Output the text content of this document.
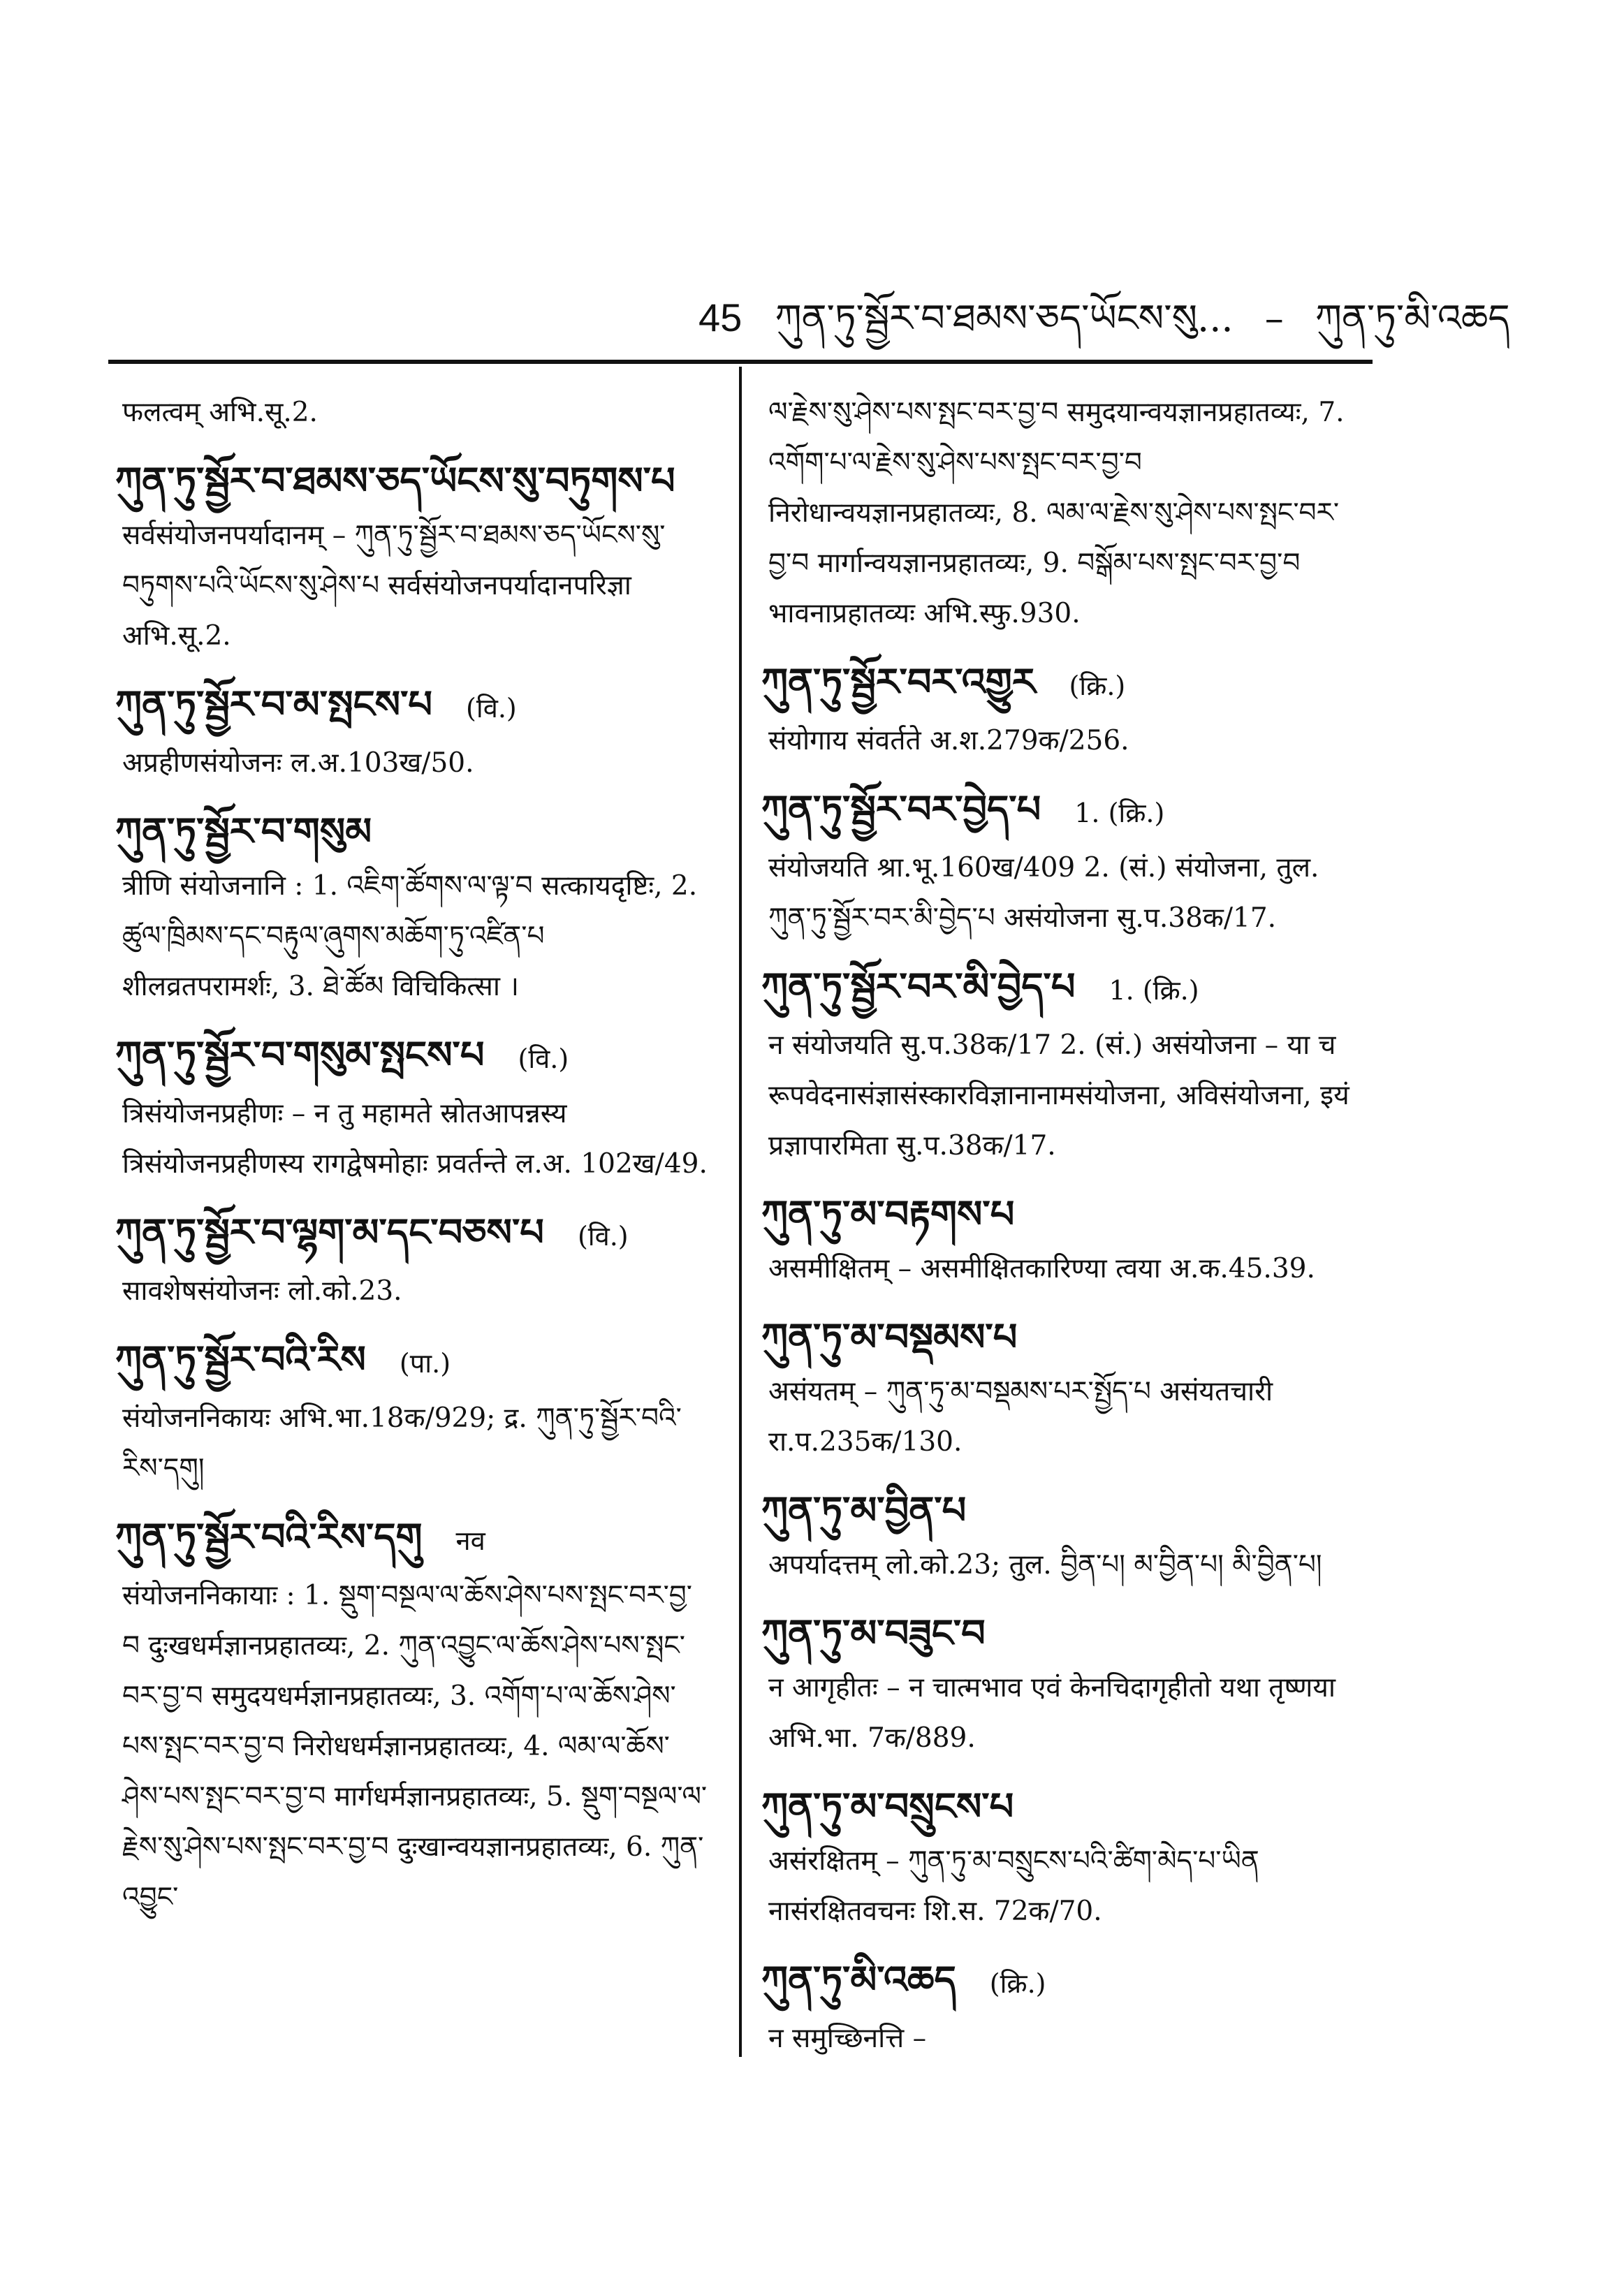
45 ཀུན་ཏུ་སྦྱོར་བ་ཐམས་ཅད་ཡོངས་སུ... – ཀུན་ཏུ་མི་འཆད
फलत्वम् अभि.सू.2.
ཀུན་ཏུ་སྦྱོར་བ་ཐམས་ཅད་ཡོངས་སུ་བཏུགས་པ
सर्वसंयोजनपर्यादानम् – ཀུན་ཏུ་སྦྱོར་བ་ཐམས་ཅད་ཡོངས་སུ་བཏུགས་པའི་ཡོངས་སུ་ཤེས་པ सर्वसंयोजनपर्यादानपरिज्ञा अभि.सू.2.
ཀུན་ཏུ་སྦྱོར་བ་མ་སྤངས་པ (वि.)
अप्रहीणसंयोजनः ल.अ.103ख/50.
ཀུན་ཏུ་སྦྱོར་བ་གསུམ
त्रीणि संयोजनानि : 1. འཇིག་ཚོགས་ལ་ལྟ་བ सत्कायदृष्टिः, 2. ཚུལ་ཁྲིམས་དང་བརྟུལ་ཞུགས་མཆོག་ཏུ་འཛིན་པ शीलव्रतपरामर्शः, 3. ཐེ་ཚོམ विचिकित्सा ।
ཀུན་ཏུ་སྦྱོར་བ་གསུམ་སྤངས་པ (वि.)
त्रिसंयोजनप्रहीणः – न तु महामते स्रोतआपन्नस्य त्रिसंयोजनप्रहीणस्य रागद्वेषमोहाः प्रवर्तन्ते ल.अ. 102ख/49.
ཀུན་ཏུ་སྦྱོར་བ་ལྷག་མ་དང་བཅས་པ (वि.)
सावशेषसंयोजनः लो.को.23.
ཀུན་ཏུ་སྦྱོར་བའི་རིས (पा.)
संयोजननिकायः अभि.भा.18क/929; द्र. ཀུན་ཏུ་སྦྱོར་བའི་རིས་དགུ།
ཀུན་ཏུ་སྦྱོར་བའི་རིས་དགུ नव
संयोजननिकायाः : 1. སྡུག་བསྔལ་ལ་ཆོས་ཤེས་པས་སྤང་བར་བྱ་བ दुःखधर्मज्ञानप्रहातव्यः, 2. ཀུན་འབྱུང་ལ་ཆོས་ཤེས་པས་སྤང་བར་བྱ་བ समुदयधर्मज्ञानप्रहातव्यः, 3. འགོག་པ་ལ་ཆོས་ཤེས་པས་སྤང་བར་བྱ་བ निरोधधर्मज्ञानप्रहातव्यः, 4. ལམ་ལ་ཆོས་ཤེས་པས་སྤང་བར་བྱ་བ मार्गधर्मज्ञानप्रहातव्यः, 5. སྡུག་བསྔལ་ལ་རྗེས་སུ་ཤེས་པས་སྤང་བར་བྱ་བ दुःखान्वयज्ञानप्रहातव्यः, 6. ཀུན་འབྱུང་
ལ་རྗེས་སུ་ཤེས་པས་སྤང་བར་བྱ་བ समुदयान्वयज्ञानप्रहातव्यः, 7. འགོག་པ་ལ་རྗེས་སུ་ཤེས་པས་སྤང་བར་བྱ་བ निरोधान्वयज्ञानप्रहातव्यः, 8. ལམ་ལ་རྗེས་སུ་ཤེས་པས་སྤང་བར་བྱ་བ मार्गान्वयज्ञानप्रहातव्यः, 9. བསྒོམ་པས་སྤང་བར་བྱ་བ भावनाप्रहातव्यः अभि.स्फु.930.
ཀུན་ཏུ་སྦྱོར་བར་འགྱུར (क्रि.)
संयोगाय संवर्तते अ.श.279क/256.
ཀུན་ཏུ་སྦྱོར་བར་བྱེད་པ 1. (क्रि.)
संयोजयति श्रा.भू.160ख/409 2. (सं.) संयोजना, तुल. ཀུན་ཏུ་སྦྱོར་བར་མི་བྱེད་པ असंयोजना सु.प.38क/17.
ཀུན་ཏུ་སྦྱོར་བར་མི་བྱེད་པ 1. (क्रि.)
न संयोजयति सु.प.38क/17 2. (सं.) असंयोजना – या च रूपवेदनासंज्ञासंस्कारविज्ञानानामसंयोजना, अविसंयोजना, इयं प्रज्ञापारमिता सु.प.38क/17.
ཀུན་ཏུ་མ་བརྟགས་པ
असमीक्षितम् – असमीक्षितकारिण्या त्वया अ.क.45.39.
ཀུན་ཏུ་མ་བསྡམས་པ
असंयतम् – ཀུན་ཏུ་མ་བསྡམས་པར་སྤྱོད་པ असंयतचारी रा.प.235क/130.
ཀུན་ཏུ་མ་བྱིན་པ
अपर्यादत्तम् लो.को.23; तुल. བྱིན་པ། མ་བྱིན་པ། མི་བྱིན་པ།
ཀུན་ཏུ་མ་བཟུང་བ
न आगृहीतः – न चात्मभाव एवं केनचिदागृहीतो यथा तृष्णया अभि.भा. 7क/889.
ཀུན་ཏུ་མ་བསྲུངས་པ
असंरक्षितम् – ཀུན་ཏུ་མ་བསྲུངས་པའི་ཚིག་མེད་པ་ཡིན नासंरक्षितवचनः शि.स. 72क/70.
ཀུན་ཏུ་མི་འཆད (क्रि.)
न समुच्छिनत्ति –
